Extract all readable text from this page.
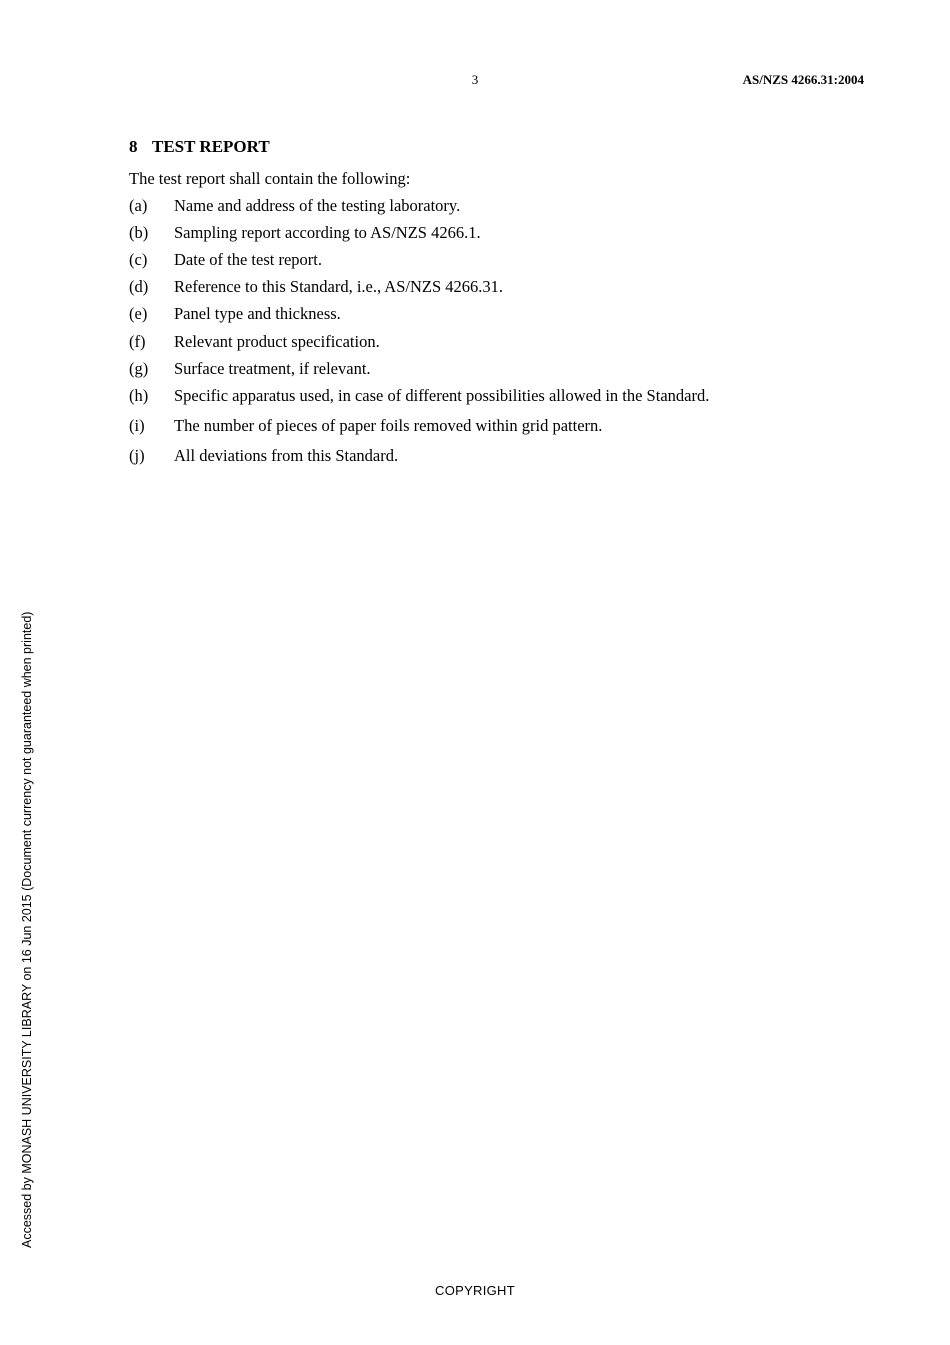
3	AS/NZS 4266.31:2004
8 TEST REPORT

The test report shall contain the following:

(a) Name and address of the testing laboratory.
(b) Sampling report according to AS/NZS 4266.1.
(c) Date of the test report.
(d) Reference to this Standard, i.e., AS/NZS 4266.31.
(e) Panel type and thickness.
(f) Relevant product specification.
(g) Surface treatment, if relevant.
(h) Specific apparatus used, in case of different possibilities allowed in the Standard.
(i) The number of pieces of paper foils removed within grid pattern.
(j) All deviations from this Standard.
Accessed by MONASH UNIVERSITY LIBRARY on 16 Jun 2015 (Document currency not guaranteed when printed)
COPYRIGHT
